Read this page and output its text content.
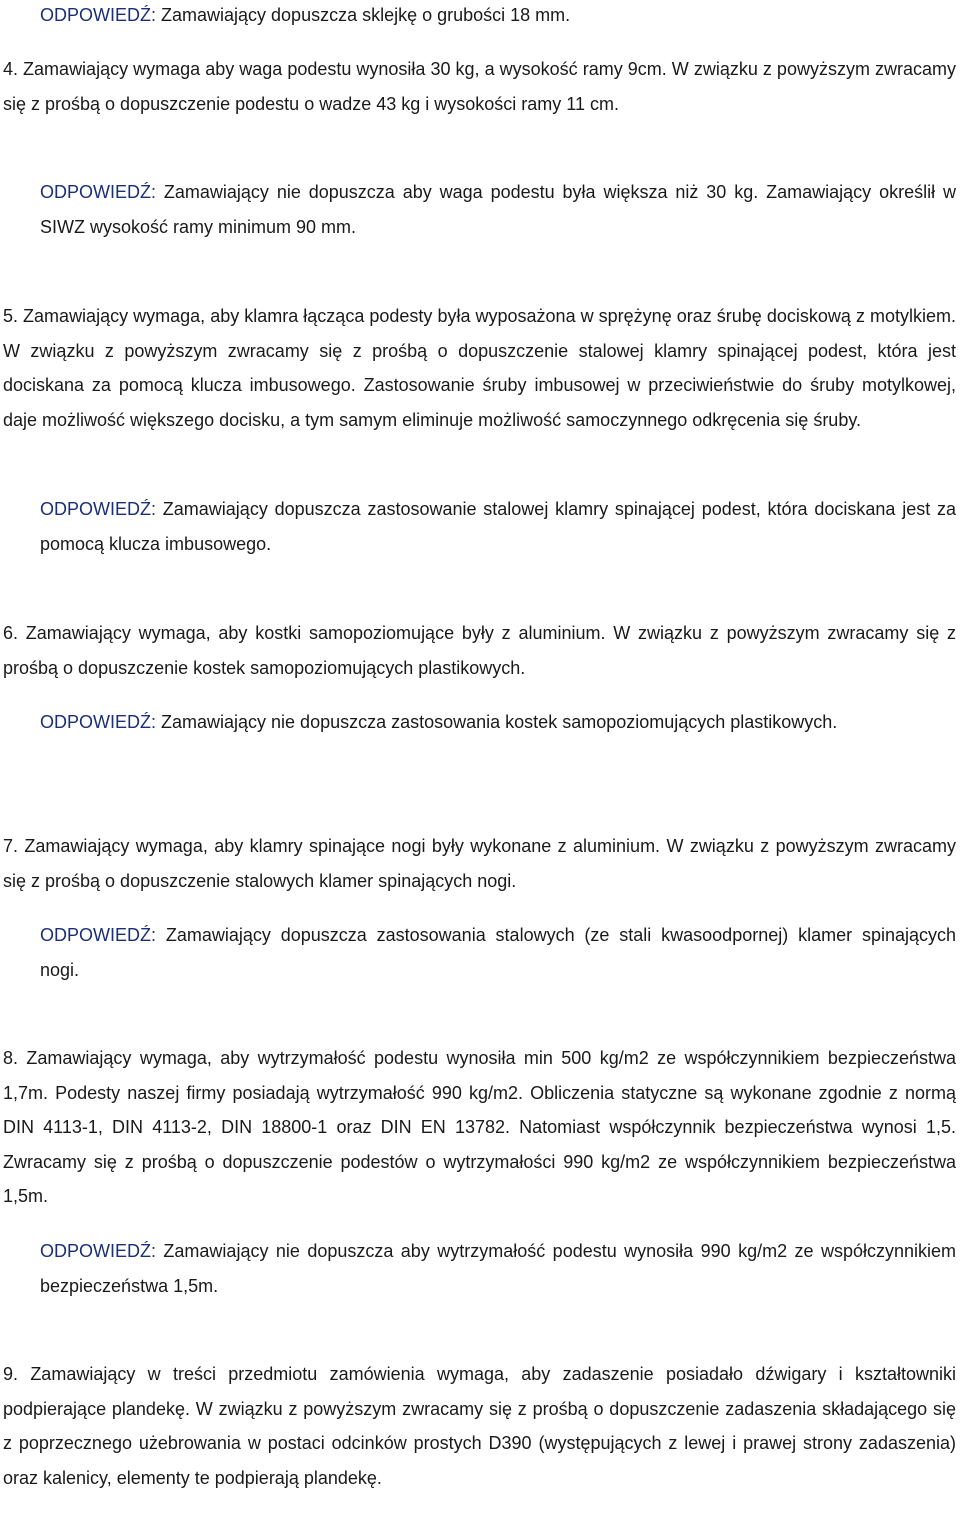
ODPOWIEDŹ: Zamawiający dopuszcza sklejkę o grubości 18 mm.

4. Zamawiający wymaga aby waga podestu wynosiła 30 kg, a wysokość ramy 9cm. W związku z powyższym zwracamy się z prośbą o dopuszczenie podestu o wadze 43 kg i wysokości ramy 11 cm.

ODPOWIEDŹ: Zamawiający nie dopuszcza aby waga podestu była większa niż 30 kg. Zamawiający określił w SIWZ wysokość ramy minimum 90 mm.

5. Zamawiający wymaga, aby klamra łącząca podesty była wyposażona w sprężynę oraz śrubę dociskową z motylkiem. W związku z powyższym zwracamy się z prośbą o dopuszczenie stalowej klamry spinającej podest, która jest dociskana za pomocą klucza imbusowego. Zastosowanie śruby imbusowej w przeciwieństwie do śruby motylkowej, daje możliwość większego docisku, a tym samym eliminuje możliwość samoczynnego odkręcenia się śruby.

ODPOWIEDŹ: Zamawiający dopuszcza zastosowanie stalowej klamry spinającej podest, która dociskana jest za pomocą klucza imbusowego.

6. Zamawiający wymaga, aby kostki samopoziomujące były z aluminium. W związku z powyższym zwracamy się z prośbą o dopuszczenie kostek samopoziomujących plastikowych.

ODPOWIEDŹ: Zamawiający nie dopuszcza zastosowania kostek samopoziomujących plastikowych.

7. Zamawiający wymaga, aby klamry spinające nogi były wykonane z aluminium. W związku z powyższym zwracamy się z prośbą o dopuszczenie stalowych klamer spinających nogi.

ODPOWIEDŹ: Zamawiający dopuszcza zastosowania stalowych (ze stali kwasoodpornej) klamer spinających nogi.

8. Zamawiający wymaga, aby wytrzymałość podestu wynosiła min 500 kg/m2 ze współczynnikiem bezpieczeństwa 1,7m. Podesty naszej firmy posiadają wytrzymałość 990 kg/m2. Obliczenia statyczne są wykonane zgodnie z normą DIN 4113-1, DIN 4113-2, DIN 18800-1 oraz DIN EN 13782. Natomiast współczynnik bezpieczeństwa wynosi 1,5. Zwracamy się z prośbą o dopuszczenie podestów o wytrzymałości 990 kg/m2 ze współczynnikiem bezpieczeństwa 1,5m.

ODPOWIEDŹ: Zamawiający nie dopuszcza aby wytrzymałość podestu wynosiła 990 kg/m2 ze współczynnikiem bezpieczeństwa 1,5m.

9. Zamawiający w treści przedmiotu zamówienia wymaga, aby zadaszenie posiadało dźwigary i kształtowniki podpierające plandekę. W związku z powyższym zwracamy się z prośbą o dopuszczenie zadaszenia składającego się z poprzecznego użebrowania w postaci odcinków prostych D390 (występujących z lewej i prawej strony zadaszenia) oraz kalenicy, elementy te podpierają plandekę.
